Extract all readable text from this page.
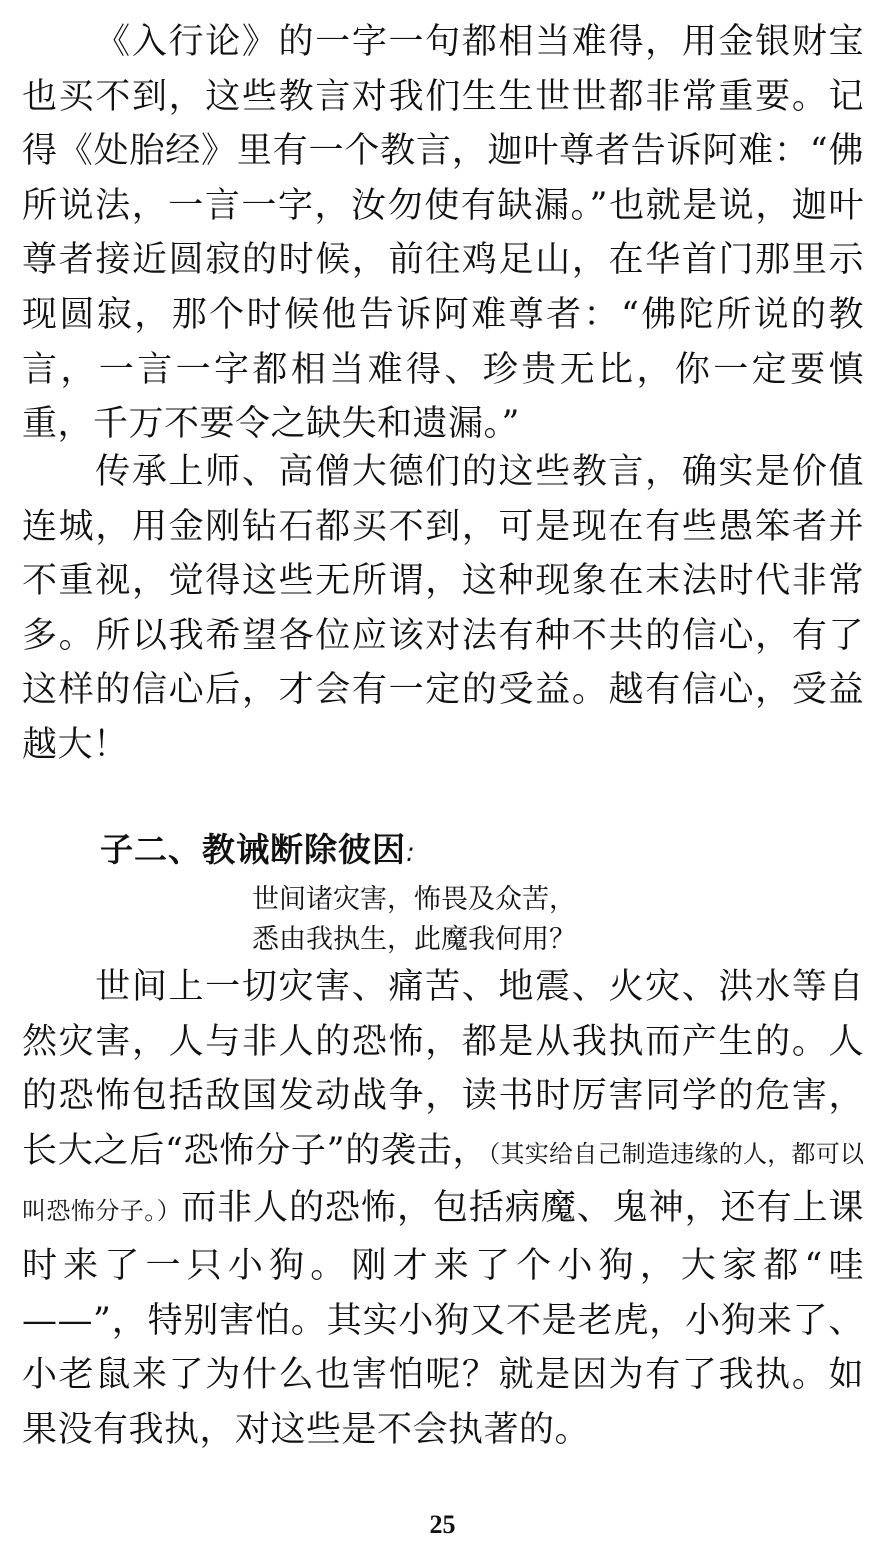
《入行论》的一字一句都相当难得，用金银财宝也买不到，这些教言对我们生生世世都非常重要。记得《处胎经》里有一个教言，迦叶尊者告诉阿难：“佛所说法，一言一字，汝勿使有缺漏。”也就是说，迦叶尊者接近圆寂的时候，前往鸡足山，在华首门那里示现圆寂，那个时候他告诉阿难尊者：“佛陀所说的教言，一言一字都相当难得、珍贵无比，你一定要慎重，千万不要令之缺失和遗漏。”

传承上师、高僧大德们的这些教言，确实是价值连城，用金刚钻石都买不到，可是现在有些愚笨者并不重视，觉得这些无所谓，这种现象在末法时代非常多。所以我希望各位应该对法有种不共的信心，有了这样的信心后，才会有一定的受益。越有信心，受益越大！

子二、教诫断除彼因:

世间诸灾害，怖畏及众苦，

悉由我执生，此魔我何用？

世间上一切灾害、痛苦、地震、火灾、洪水等自然灾害，人与非人的恐怖，都是从我执而产生的。人的恐怖包括敌国发动战争，读书时厉害同学的危害，长大之后“恐怖分子”的袭击，（其实给自己制造违缘的人，都可以叫恐怖分子。）而非人的恐怖，包括病魔、鬼神，还有上课时来了一只小狗。刚才来了个小狗，大家都“哇——”，特别害怕。其实小狗又不是老虎，小狗来了、小老鼠来了为什么也害怕呢？就是因为有了我执。如果没有我执，对这些是不会执著的。

25
